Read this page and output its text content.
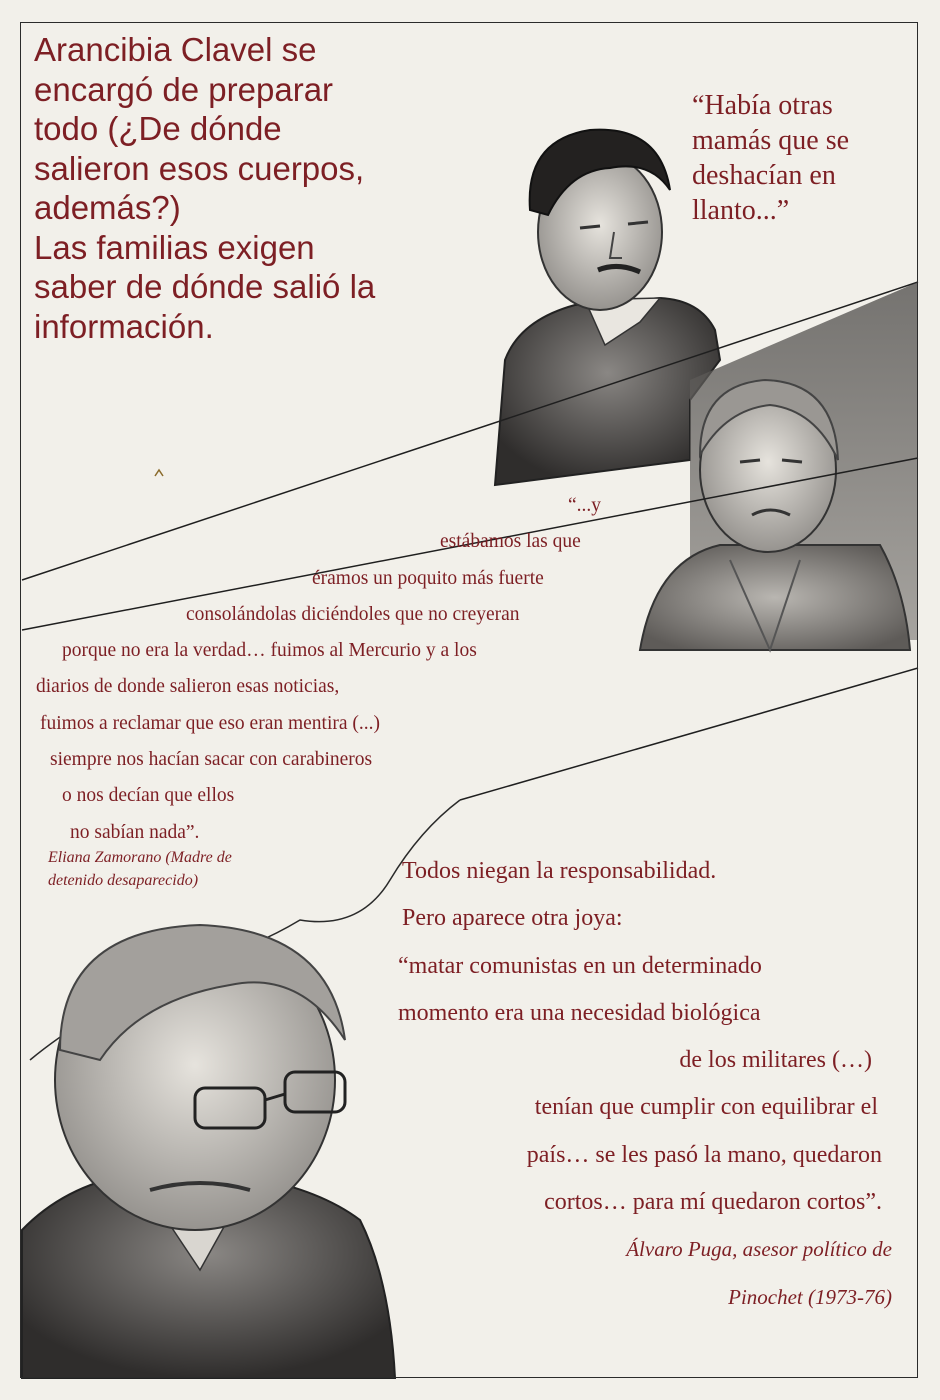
Arancibia Clavel se
encargó de preparar
todo (¿De dónde
salieron esos cuerpos,
además?)
Las familias exigen
saber de dónde salió la
información.
“Había otras
mamás que se
deshacían en
llanto...”
“...y
estábamos las que
éramos un poquito más fuerte
consolándolas diciéndoles que no creyeran
porque no era la verdad… fuimos al Mercurio y a los
diarios de donde salieron esas noticias,
fuimos a reclamar que eso eran mentira (...)
siempre nos hacían sacar con carabineros
o nos decían que ellos
no sabían nada”.
Eliana Zamorano (Madre de
detenido desaparecido)	Todos niegan la responsabilidad.
Pero aparece otra joya:
“matar comunistas en un determinado
momento era una necesidad biológica
de los militares (…)
tenían que cumplir con equilibrar el
país… se les pasó la mano, quedaron
cortos… para mí quedaron cortos”.
Álvaro Puga, asesor político de
Pinochet (1973-76)
